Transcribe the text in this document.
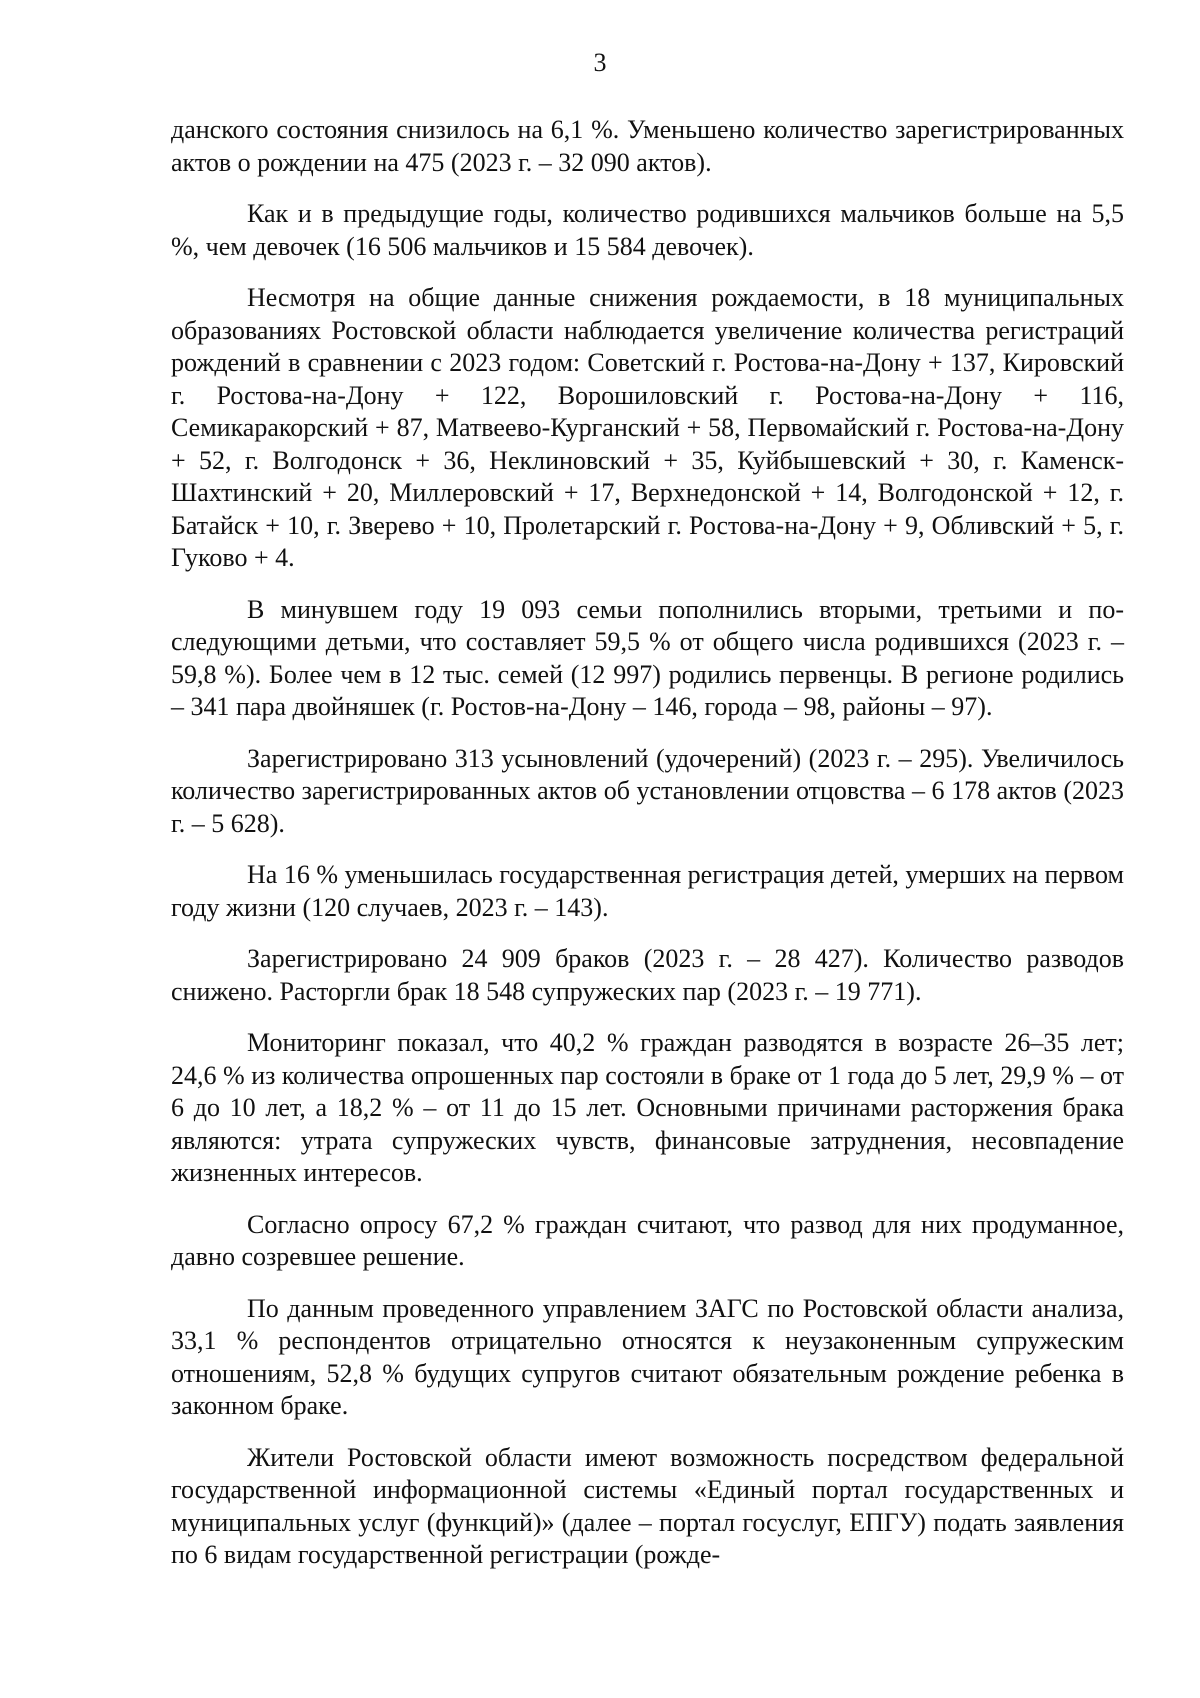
3

данского состояния снизилось на 6,1 %. Уменьшено количество зарегистрированных актов о рождении на 475 (2023 г. – 32 090 актов).

Как и в предыдущие годы, количество родившихся мальчиков больше на 5,5 %, чем девочек (16 506 мальчиков и 15 584 девочек).

Несмотря на общие данные снижения рождаемости, в 18 муниципальных образованиях Ростовской области наблюдается увеличение количества регистраций рождений в сравнении с 2023 годом: Советский г. Ростова-на-Дону + 137, Кировский г. Ростова-на-Дону + 122, Ворошиловский г. Ростова-на-Дону + 116, Семикаракорский + 87, Матвеево-Курганский + 58, Первомайский г. Ростова-на-Дону + 52, г. Волгодонск + 36, Неклиновский + 35, Куйбышевский + 30, г. Каменск-Шахтинский + 20, Миллеровский + 17, Верхнедонской + 14, Волгодонской + 12, г. Батайск + 10, г. Зверево + 10, Пролетарский г. Ростова-на-Дону + 9, Обливский + 5, г. Гуково + 4.

В минувшем году 19 093 семьи пополнились вторыми, третьими и последующими детьми, что составляет 59,5 % от общего числа родившихся (2023 г. – 59,8 %). Более чем в 12 тыс. семей (12 997) родились первенцы. В регионе родились – 341 пара двойняшек (г. Ростов-на-Дону – 146, города – 98, районы – 97).

Зарегистрировано 313 усыновлений (удочерений) (2023 г. – 295). Увеличилось количество зарегистрированных актов об установлении отцовства – 6 178 актов (2023 г. – 5 628).

На 16 % уменьшилась государственная регистрация детей, умерших на первом году жизни (120 случаев, 2023 г. – 143).

Зарегистрировано 24 909 браков (2023 г. – 28 427). Количество разводов снижено. Расторгли брак 18 548 супружеских пар (2023 г. – 19 771).

Мониторинг показал, что 40,2 % граждан разводятся в возрасте 26–35 лет; 24,6 % из количества опрошенных пар состояли в браке от 1 года до 5 лет, 29,9 % – от 6 до 10 лет, а 18,2 % – от 11 до 15 лет. Основными причинами расторжения брака являются: утрата супружеских чувств, финансовые затруднения, несовпадение жизненных интересов.

Согласно опросу 67,2 % граждан считают, что развод для них продуманное, давно созревшее решение.

По данным проведенного управлением ЗАГС по Ростовской области анализа, 33,1 % респондентов отрицательно относятся к неузаконенным супружеским отношениям, 52,8 % будущих супругов считают обязательным рождение ребенка в законном браке.

Жители Ростовской области имеют возможность посредством федеральной государственной информационной системы «Единый портал государственных и муниципальных услуг (функций)» (далее – портал госуслуг, ЕПГУ) подать заявления по 6 видам государственной регистрации (рожде-
